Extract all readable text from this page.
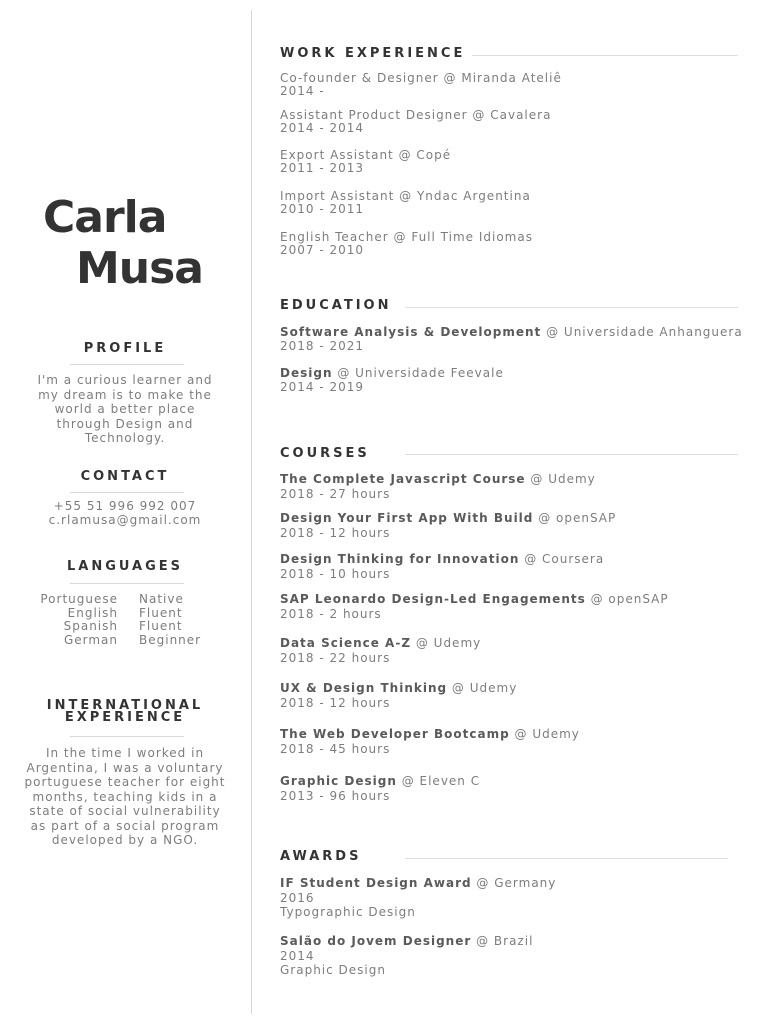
Carla
Musa
PROFILE
I'm a curious learner and
my dream is to make the
world a better place
through Design and
Technology.
CONTACT
+55 51 996 992 007
c.rlamusa@gmail.com
LANGUAGES
Portuguese Native
English Fluent
Spanish Fluent
German Beginner
INTERNATIONAL
EXPERIENCE
In the time I worked in
Argentina, I was a voluntary
portuguese teacher for eight
months, teaching kids in a
state of social vulnerability
as part of a social program
developed by a NGO.
WORK EXPERIENCE
Co-founder & Designer @ Miranda Ateliê
2014 -
Assistant Product Designer @ Cavalera
2014 - 2014
Export Assistant @ Copé
2011 - 2013
Import Assistant @ Yndac Argentina
2010 - 2011
English Teacher @ Full Time Idiomas
2007 - 2010
EDUCATION
Software Analysis & Development @ Universidade Anhanguera
2018 - 2021
Design @ Universidade Feevale
2014 - 2019
COURSES
The Complete Javascript Course @ Udemy
2018 - 27 hours
Design Your First App With Build @ openSAP
2018 - 12 hours
Design Thinking for Innovation @ Coursera
2018 - 10 hours
SAP Leonardo Design-Led Engagements @ openSAP
2018 - 2 hours
Data Science A-Z @ Udemy
2018 - 22 hours
UX & Design Thinking @ Udemy
2018 - 12 hours
The Web Developer Bootcamp @ Udemy
2018 - 45 hours
Graphic Design @ Eleven C
2013 - 96 hours
AWARDS
IF Student Design Award @ Germany
2016
Typographic Design
Salão do Jovem Designer @ Brazil
2014
Graphic Design
